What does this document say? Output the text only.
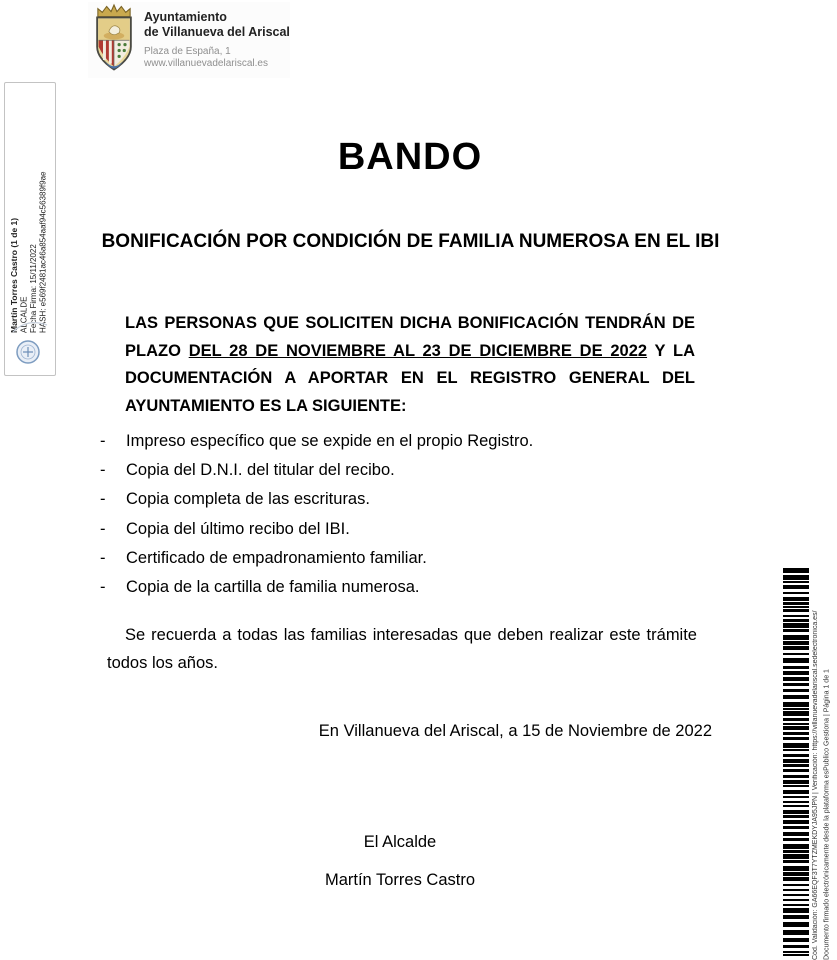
Martín Torres Castro (1 de 1) ALCALDE Fecha Firma: 15/11/2022 HASH: e569f2481ac46a854aaf94c56389f9ae
Ayuntamiento
de Villanueva del Ariscal
Plaza de España, 1
www.villanuevadelariscal.es
BANDO
BONIFICACIÓN POR CONDICIÓN DE FAMILIA NUMEROSA EN EL IBI
LAS PERSONAS QUE SOLICITEN DICHA BONIFICACIÓN TENDRÁN DE PLAZO DEL 28 DE NOVIEMBRE AL 23 DE DICIEMBRE DE 2022 Y LA DOCUMENTACIÓN A APORTAR EN EL REGISTRO GENERAL DEL AYUNTAMIENTO ES LA SIGUIENTE:
-	Impreso específico que se expide en el propio Registro.
-	Copia del D.N.I. del titular del recibo.
-	Copia completa de las escrituras.
-	Copia del último recibo del IBI.
-	Certificado de empadronamiento familiar.
-	Copia de la cartilla de familia numerosa.
Se recuerda a todas las familias interesadas que deben realizar este trámite todos los años.
En Villanueva del Ariscal, a 15 de Noviembre de 2022
El Alcalde
Martín Torres Castro	Cód. Validación: GA66EQF3T7YTZMEKDYJA95JPN | Verificación: https://villanuevadelariscal.sedelectronica.es/ Documento firmado electrónicamente desde la plataforma esPublico Gestiona | Página 1 de 1
